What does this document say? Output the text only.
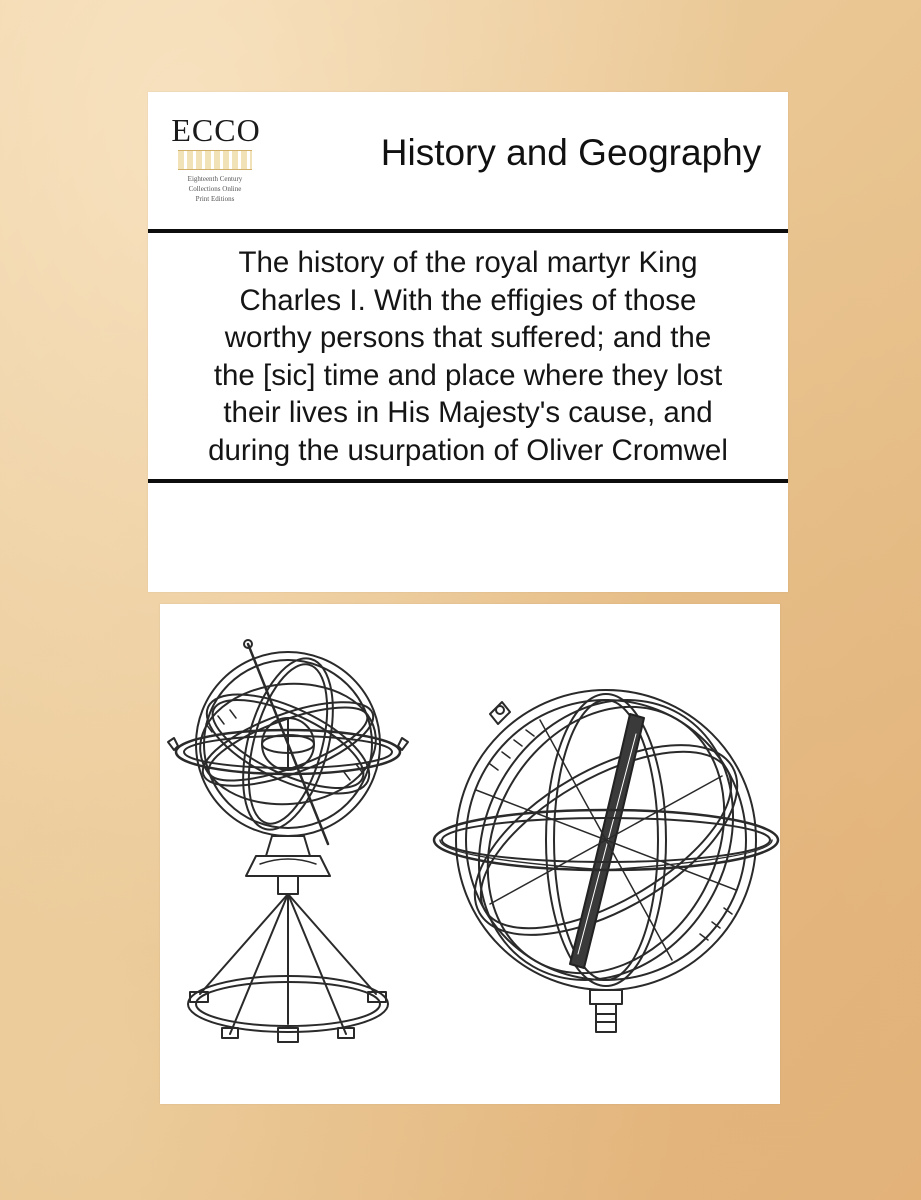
ECCO
Eighteenth Century
Collections Online
Print Editions
History and Geography
The history of the royal martyr King
Charles I. With the effigies of those
worthy persons that suffered; and the
the [sic] time and place where they lost
their lives in His Majesty's cause, and
during the usurpation of Oliver Cromwel
